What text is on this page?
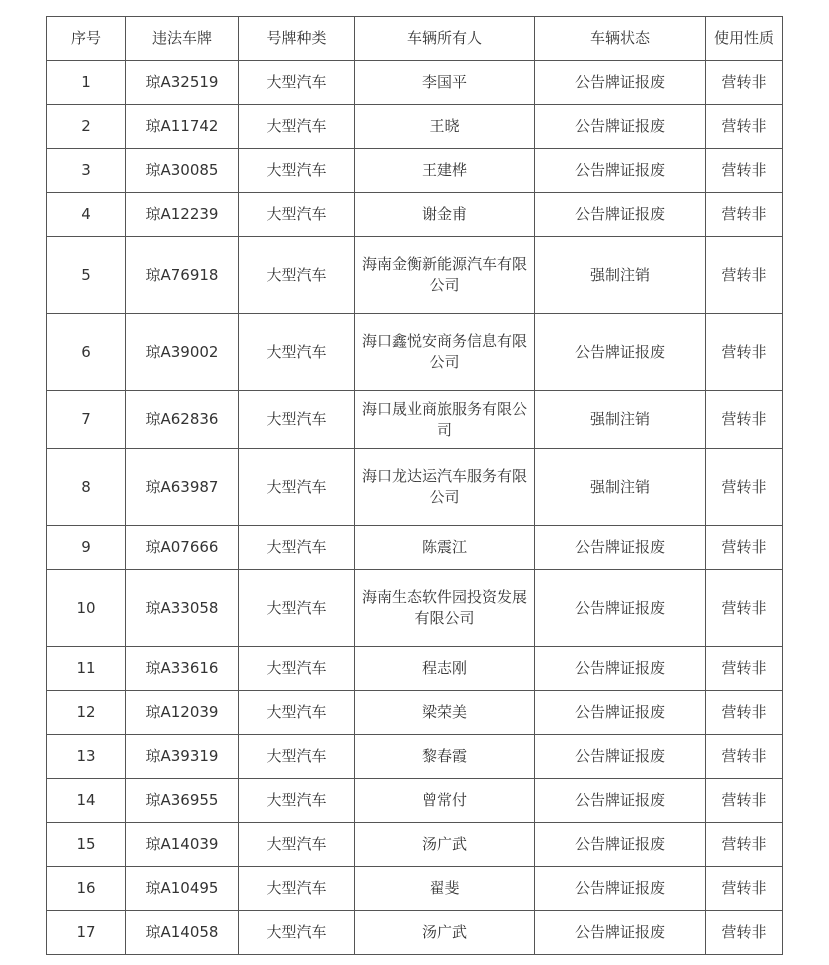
序号	违法车牌	号牌种类	车辆所有人	车辆状态	使用性质
1	琼A32519	大型汽车	李国平	公告牌证报废	营转非
2	琼A11742	大型汽车	王晓	公告牌证报废	营转非
3	琼A30085	大型汽车	王建桦	公告牌证报废	营转非
4	琼A12239	大型汽车	谢金甫	公告牌证报废	营转非
5	琼A76918	大型汽车	海南金衡新能源汽车有限公司	强制注销	营转非
6	琼A39002	大型汽车	海口鑫悦安商务信息有限公司	公告牌证报废	营转非
7	琼A62836	大型汽车	海口晟业商旅服务有限公司	强制注销	营转非
8	琼A63987	大型汽车	海口龙达运汽车服务有限公司	强制注销	营转非
9	琼A07666	大型汽车	陈震江	公告牌证报废	营转非
10	琼A33058	大型汽车	海南生态软件园投资发展有限公司	公告牌证报废	营转非
11	琼A33616	大型汽车	程志刚	公告牌证报废	营转非
12	琼A12039	大型汽车	梁荣美	公告牌证报废	营转非
13	琼A39319	大型汽车	黎春霞	公告牌证报废	营转非
14	琼A36955	大型汽车	曾常付	公告牌证报废	营转非
15	琼A14039	大型汽车	汤广武	公告牌证报废	营转非
16	琼A10495	大型汽车	翟斐	公告牌证报废	营转非
17	琼A14058	大型汽车	汤广武	公告牌证报废	营转非
